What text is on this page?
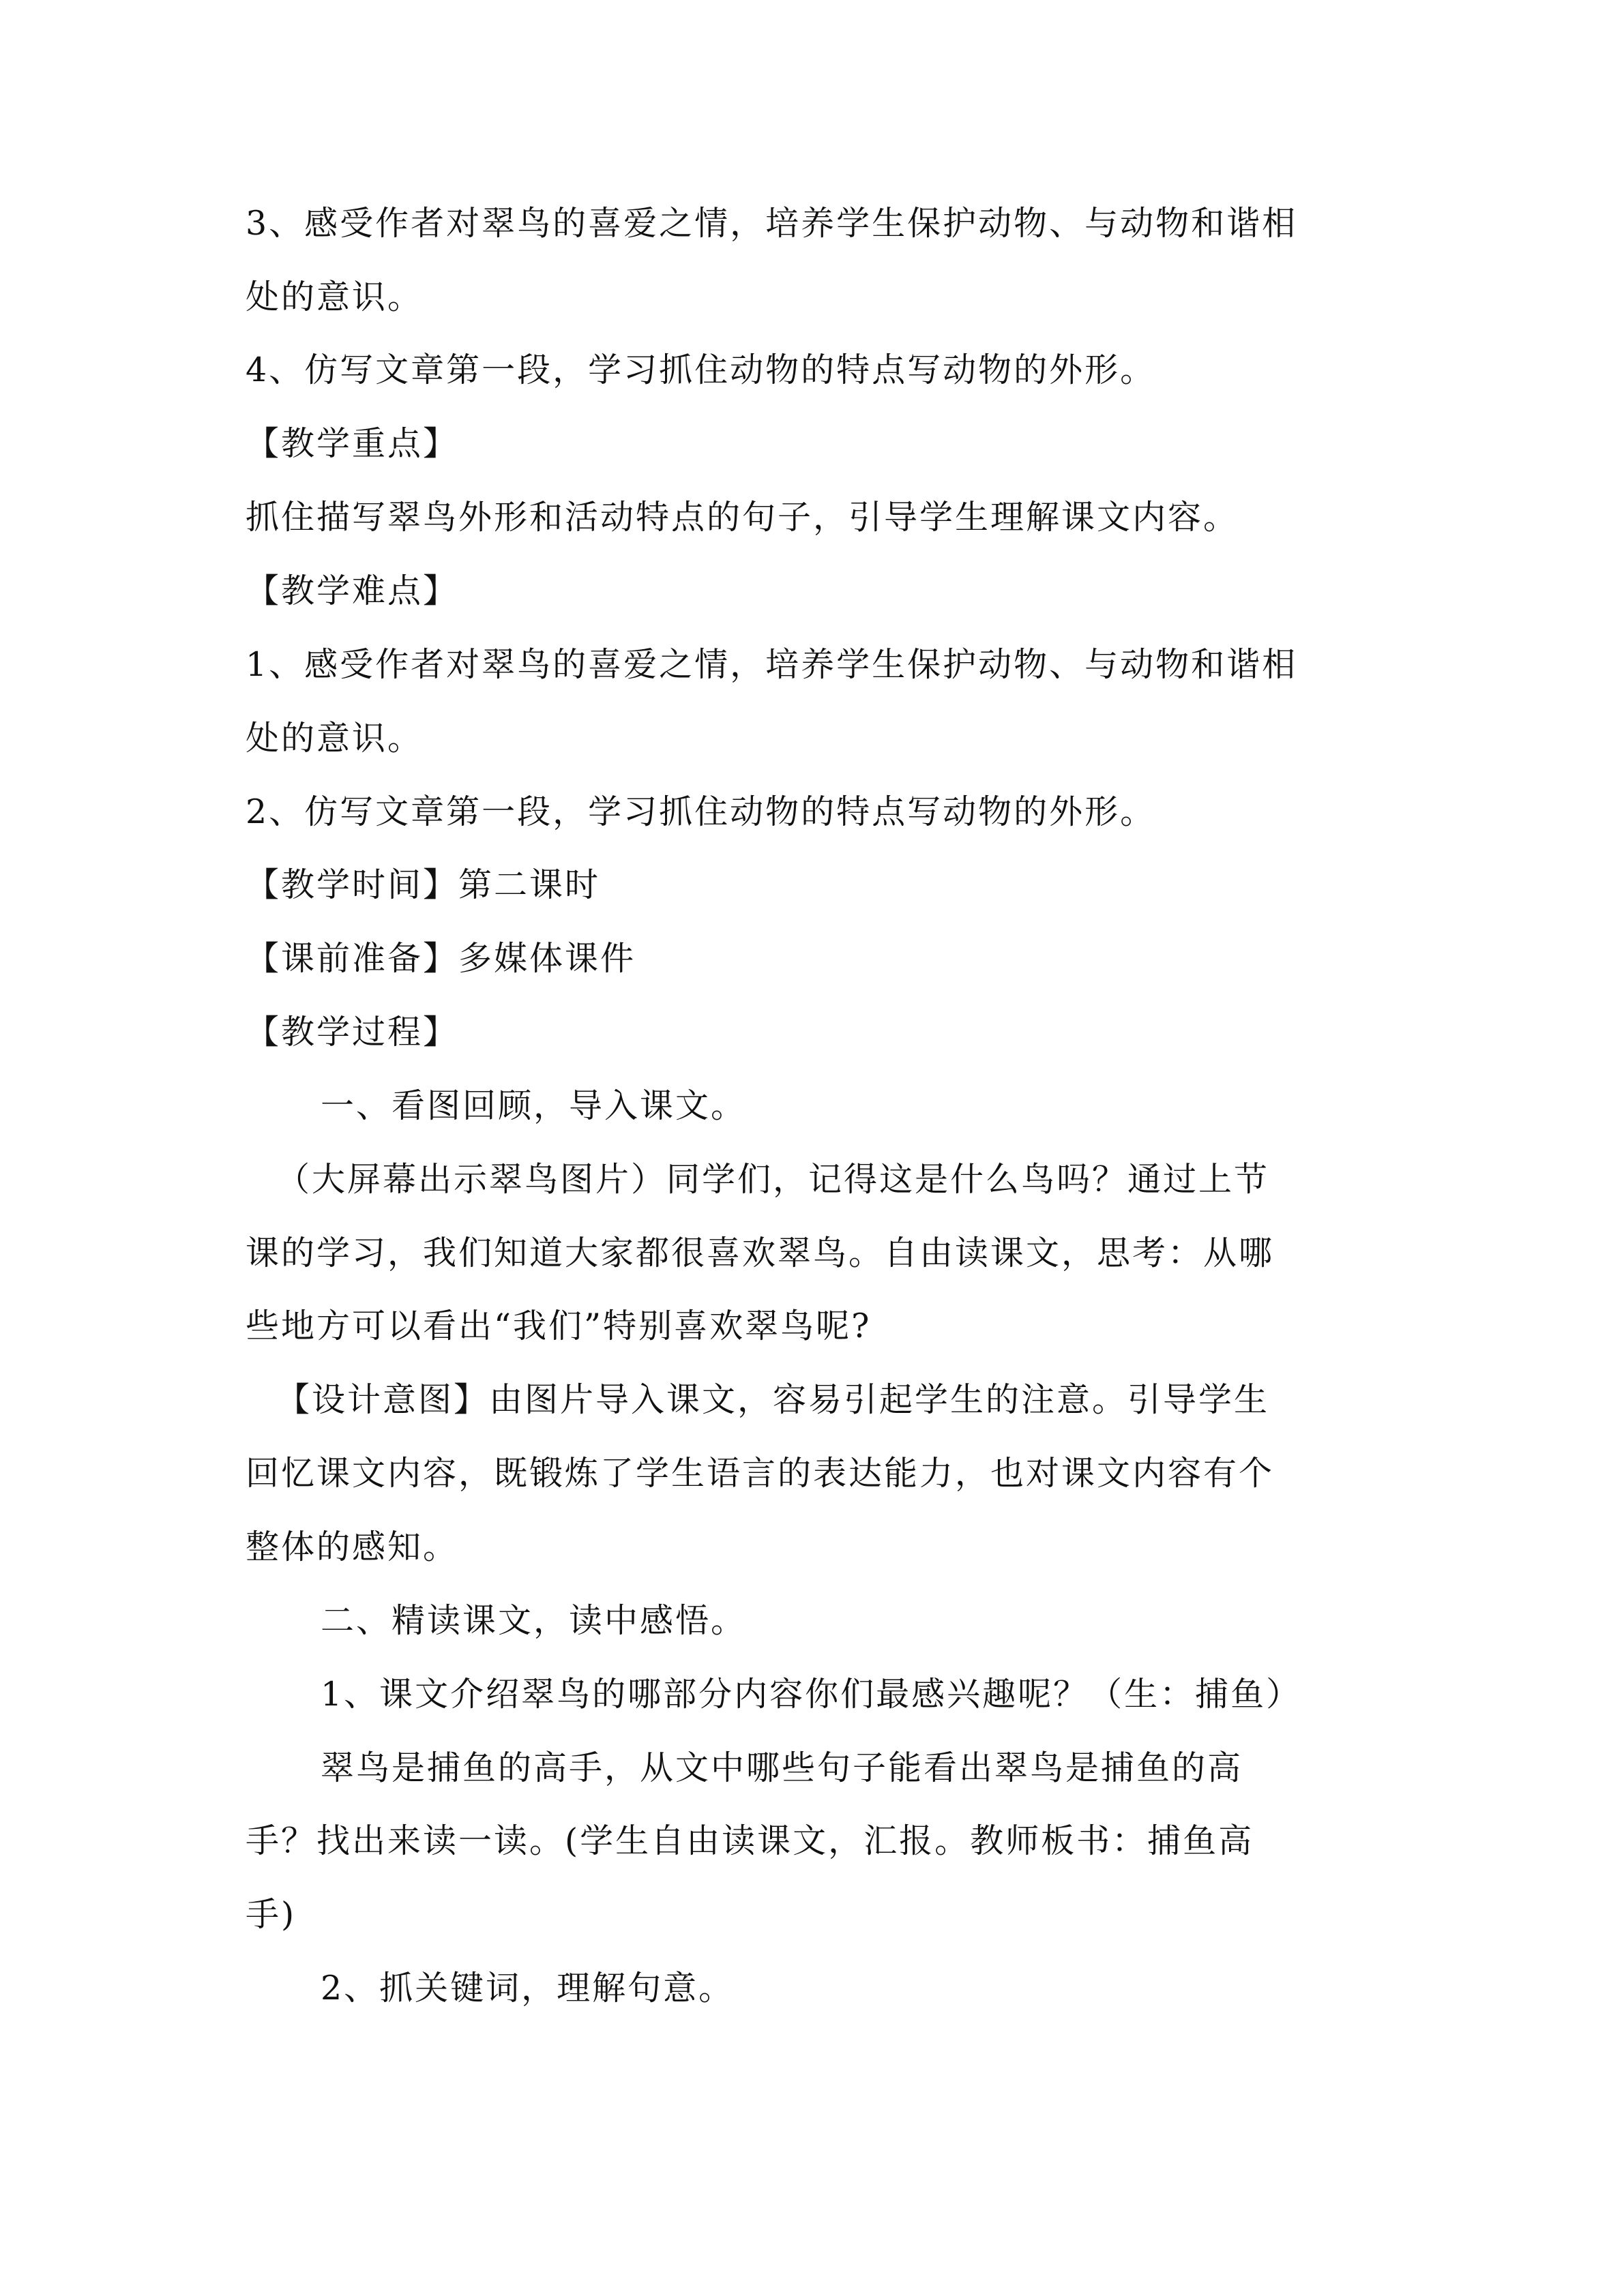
3、感受作者对翠鸟的喜爱之情，培养学生保护动物、与动物和谐相
处的意识。
4、仿写文章第一段，学习抓住动物的特点写动物的外形。
【教学重点】
抓住描写翠鸟外形和活动特点的句子，引导学生理解课文内容。
【教学难点】
1、感受作者对翠鸟的喜爱之情，培养学生保护动物、与动物和谐相
处的意识。
2、仿写文章第一段，学习抓住动物的特点写动物的外形。
【教学时间】第二课时
【课前准备】多媒体课件
【教学过程】
一、看图回顾，导入课文。
（大屏幕出示翠鸟图片）同学们，记得这是什么鸟吗？通过上节
课的学习，我们知道大家都很喜欢翠鸟。自由读课文，思考：从哪
些地方可以看出“我们”特别喜欢翠鸟呢?
【设计意图】由图片导入课文，容易引起学生的注意。引导学生
回忆课文内容，既锻炼了学生语言的表达能力，也对课文内容有个
整体的感知。
二、精读课文，读中感悟。
1、课文介绍翠鸟的哪部分内容你们最感兴趣呢？（生：捕鱼）
翠鸟是捕鱼的高手，从文中哪些句子能看出翠鸟是捕鱼的高
手？找出来读一读。(学生自由读课文，汇报。教师板书：捕鱼高
手)
2、抓关键词，理解句意。
